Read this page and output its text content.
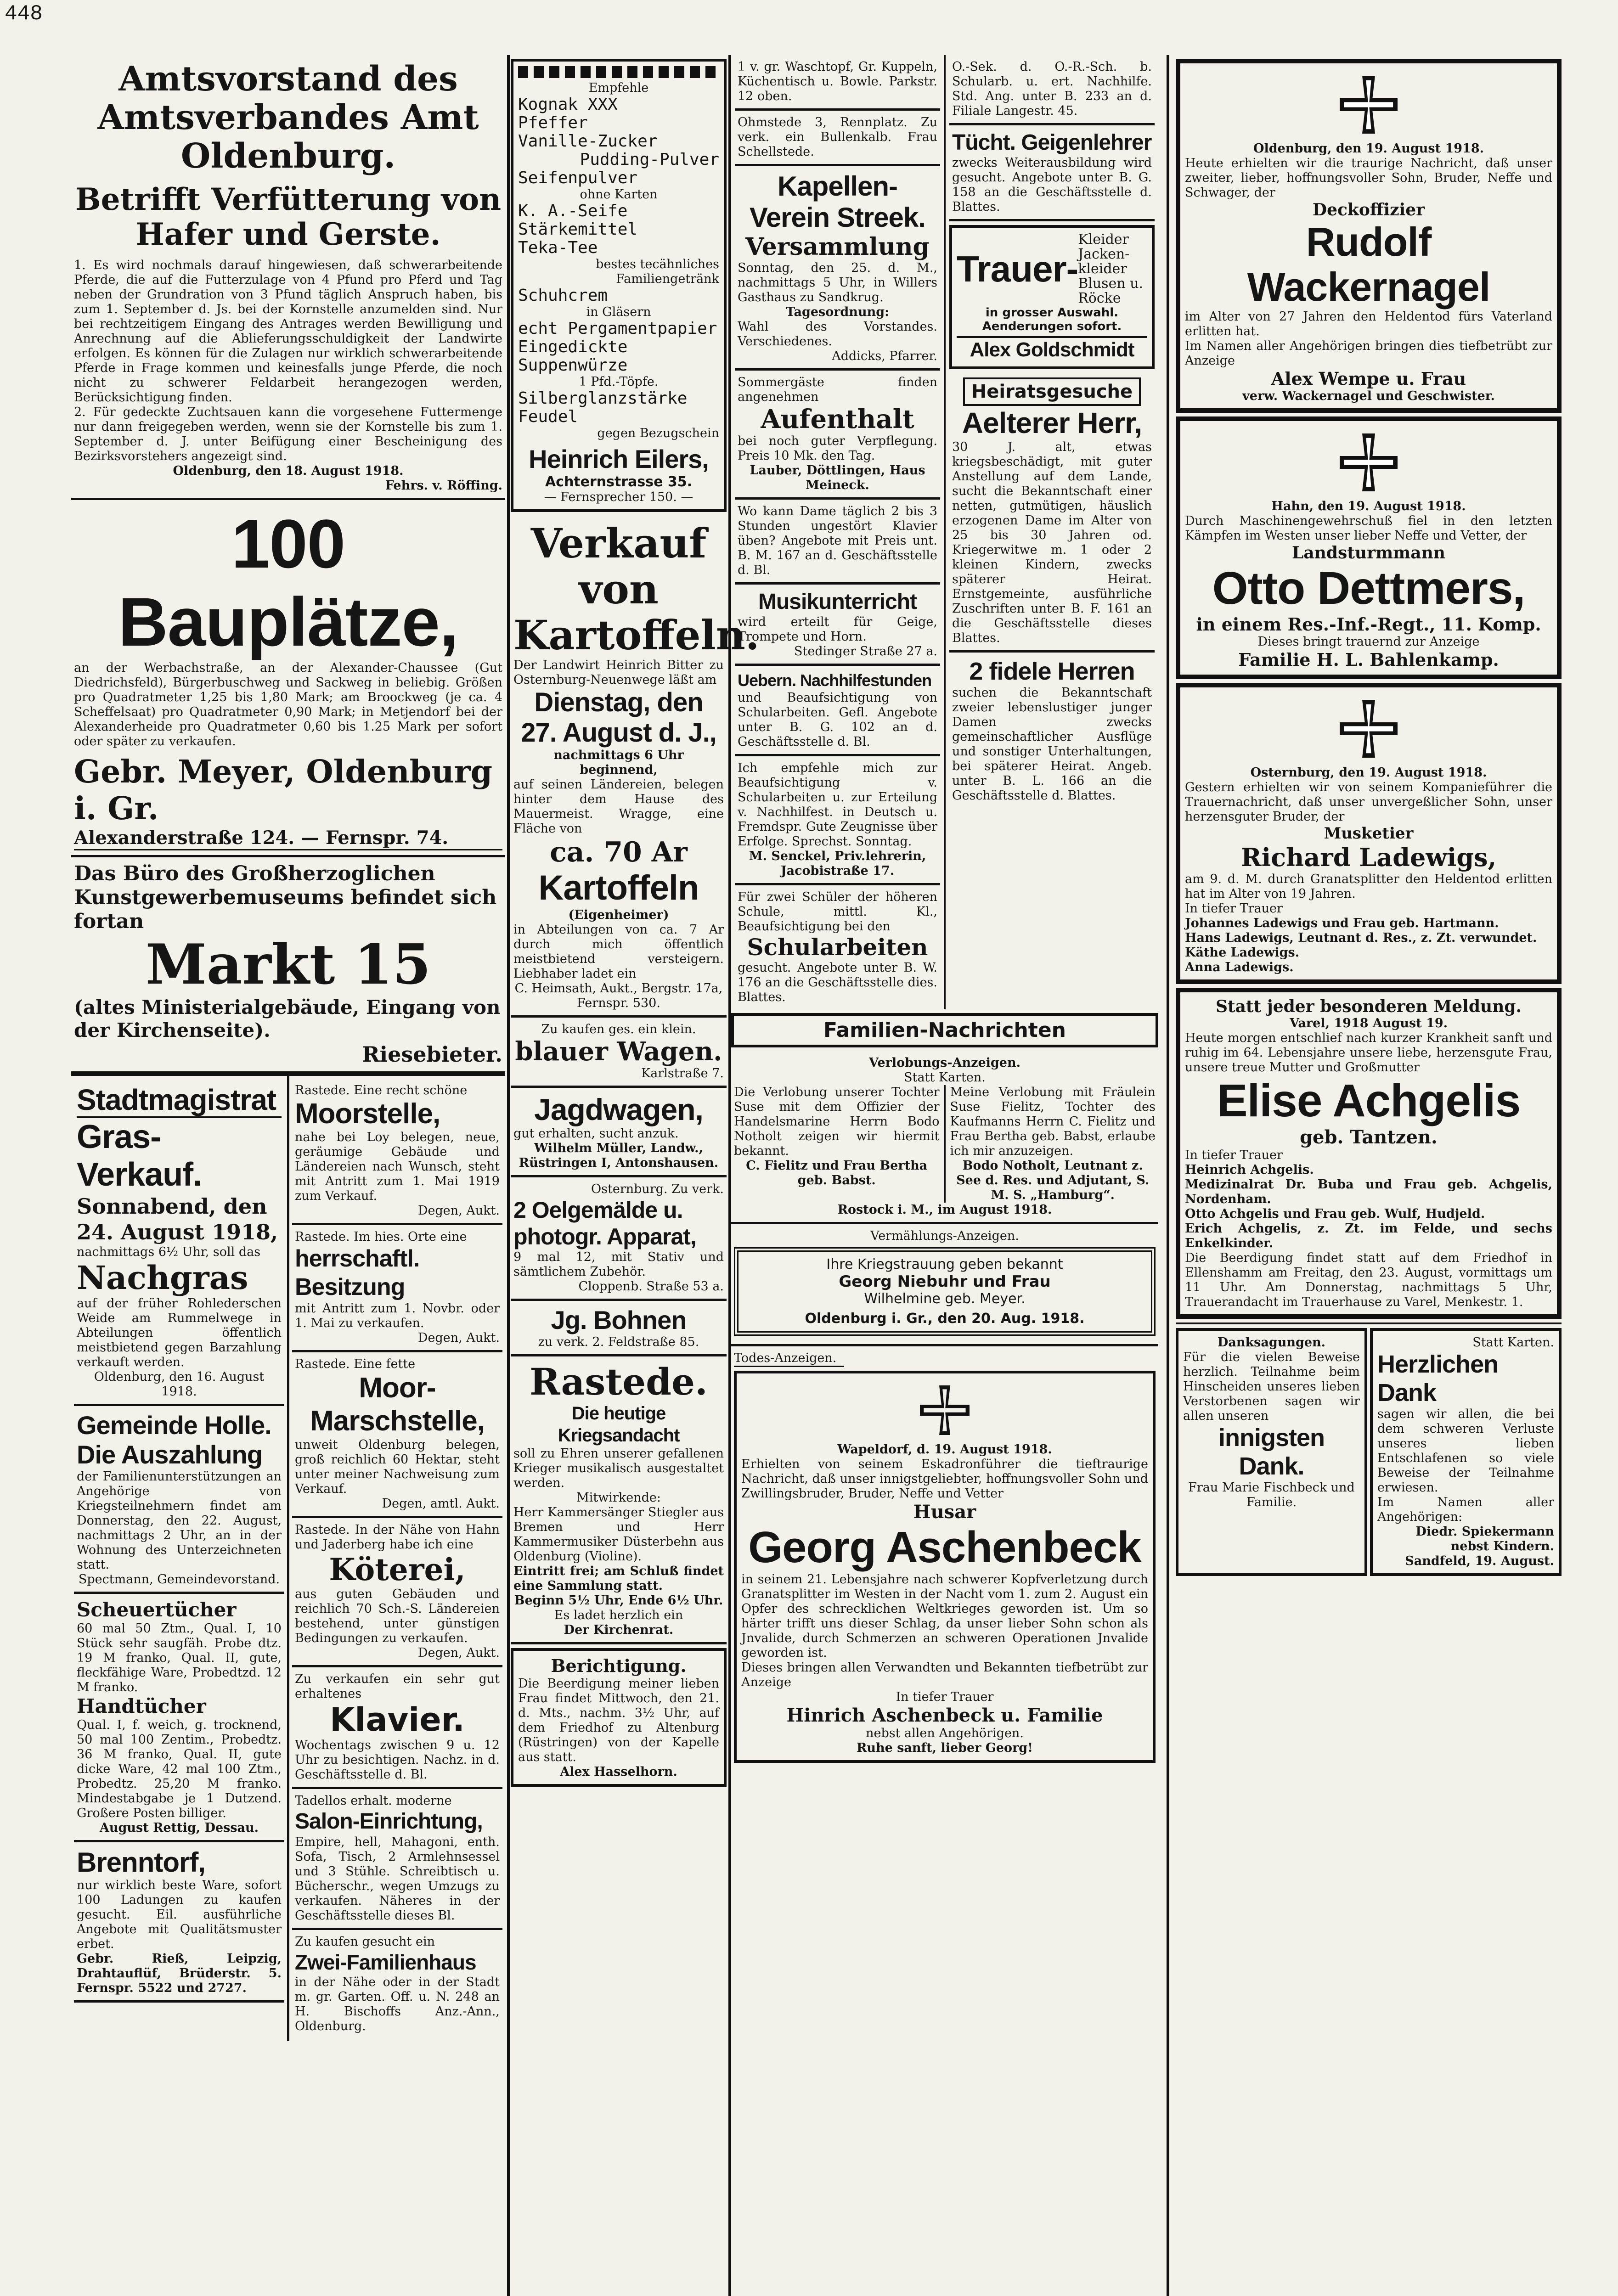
448
Amtsvorstand des Amtsverbandes Amt Oldenburg.
Betrifft Verfütterung von Hafer und Gerste.
1. Es wird nochmals darauf hingewiesen, daß schwerarbeitende Pferde, die auf die Futterzulage von 4 Pfund pro Pferd und Tag neben der Grundration von 3 Pfund täglich Anspruch haben, bis zum 1. September d. Js. bei der Kornstelle anzumelden sind. Nur bei rechtzeitigem Eingang des Antrages werden Bewilligung und Anrechnung auf die Ablieferungsschuldigkeit der Landwirte erfolgen. Es können für die Zulagen nur wirklich schwerarbeitende Pferde in Frage kommen und keinesfalls junge Pferde, die noch nicht zu schwerer Feldarbeit herangezogen werden, Berücksichtigung finden.
2. Für gedeckte Zuchtsauen kann die vorgesehene Futtermenge nur dann freigegeben werden, wenn sie der Kornstelle bis zum 1. September d. J. unter Beifügung einer Bescheinigung des Bezirksvorstehers angezeigt sind.
Oldenburg, den 18. August 1918.
Fehrs. v. Röffing.
100 Bauplätze,
an der Werbachstraße, an der Alexander-Chaussee (Gut Diedrichsfeld), Bürgerbuschweg und Sackweg in beliebig. Größen pro Quadratmeter 1,25 bis 1,80 Mark; am Broockweg (je ca. 4 Scheffelsaat) pro Quadratmeter 0,90 Mark; in Metjendorf bei der Alexanderheide pro Quadratmeter 0,60 bis 1.25 Mark per sofort oder später zu verkaufen.
Gebr. Meyer, Oldenburg i. Gr.
Alexanderstraße 124. — Fernspr. 74.
Das Büro des Großherzoglichen Kunstgewerbemuseums befindet sich fortan
Markt 15
(altes Ministerialgebäude, Eingang von der Kirchenseite).
Riesebieter.
Stadtmagistrat
Gras-Verkauf.
Sonnabend, den 24. August 1918,
nachmittags 6½ Uhr, soll das
Nachgras
auf der früher Rohlederschen Weide am Rummelwege in Abteilungen öffentlich meistbietend gegen Barzahlung verkauft werden.
Oldenburg, den 16. August 1918.
Gemeinde Holle.
Die Auszahlung
der Familienunterstützungen an Angehörige von Kriegsteilnehmern findet am Donnerstag, den 22. August, nachmittags 2 Uhr, an in der Wohnung des Unterzeichneten statt.
Spectmann, Gemeindevorstand.
Scheuertücher
60 mal 50 Ztm., Qual. I, 10 Stück sehr saugfäh. Probe dtz. 19 M franko, Qual. II, gute, fleckfähige Ware, Probedtzd. 12 M franko.
Handtücher
Qual. I, f. weich, g. trocknend, 50 mal 100 Zentim., Probedtz. 36 M franko, Qual. II, gute dicke Ware, 42 mal 100 Ztm., Probedtz. 25,20 M franko. Mindestabgabe je 1 Dutzend. Großere Posten billiger.
August Rettig, Dessau.
Brenntorf,
nur wirklich beste Ware, sofort 100 Ladungen zu kaufen gesucht. Eil. ausführliche Angebote mit Qualitätsmuster erbet.
Gebr. Rieß, Leipzig, Drahtauflüf, Brüderstr. 5. Fernspr. 5522 und 2727.
Rastede. Eine recht schöne
Moorstelle,
nahe bei Loy belegen, neue, geräumige Gebäude und Ländereien nach Wunsch, steht mit Antritt zum 1. Mai 1919 zum Verkauf.
Degen, Aukt.
Rastede. Im hies. Orte eine
herrschaftl. Besitzung
mit Antritt zum 1. Novbr. oder 1. Mai zu verkaufen.
Degen, Aukt.
Rastede. Eine fette
Moor-Marschstelle,
unweit Oldenburg belegen, groß reichlich 60 Hektar, steht unter meiner Nachweisung zum Verkauf.
Degen, amtl. Aukt.
Rastede. In der Nähe von Hahn und Jaderberg habe ich eine
Köterei,
aus guten Gebäuden und reichlich 70 Sch.-S. Ländereien bestehend, unter günstigen Bedingungen zu verkaufen.
Degen, Aukt.
Zu verkaufen ein sehr gut erhaltenes
Klavier.
Wochentags zwischen 9 u. 12 Uhr zu besichtigen. Nachz. in d. Geschäftsstelle d. Bl.
Tadellos erhalt. moderne
Salon-Einrichtung,
Empire, hell, Mahagoni, enth. Sofa, Tisch, 2 Armlehnsessel und 3 Stühle. Schreibtisch u. Bücherschr., wegen Umzugs zu verkaufen. Näheres in der Geschäftsstelle dieses Bl.
Zu kaufen gesucht ein
Zwei-Familienhaus
in der Nähe oder in der Stadt m. gr. Garten. Off. u. N. 248 an H. Bischoffs Anz.-Ann., Oldenburg.
Empfehle
Kognak XXX
Pfeffer
Vanille-Zucker
Pudding-Pulver
Seifenpulver
ohne Karten
K. A.-Seife
Stärkemittel
Teka-Tee
bestes tecähnliches Familiengetränk
Schuhcrem
in Gläsern
echt Pergamentpapier
Eingedickte Suppenwürze
1 Pfd.-Töpfe.
Silberglanzstärke
Feudel
gegen Bezugschein
Heinrich Eilers,
Achternstrasse 35.
— Fernsprecher 150. —
Verkauf von Kartoffeln.
Der Landwirt Heinrich Bitter zu Osternburg-Neuenwege läßt am
Dienstag, den 27. August d. J.,
nachmittags 6 Uhr beginnend,
auf seinen Ländereien, belegen hinter dem Hause des Mauermeist. Wragge, eine Fläche von
ca. 70 Ar
Kartoffeln
(Eigenheimer)
in Abteilungen von ca. 7 Ar durch mich öffentlich meistbietend versteigern. Liebhaber ladet ein
C. Heimsath, Aukt., Bergstr. 17a, Fernspr. 530.
Zu kaufen ges. ein klein.
blauer Wagen.
Karlstraße 7.
Jagdwagen,
gut erhalten, sucht anzuk.
Wilhelm Müller, Landw., Rüstringen I, Antonshausen.
Osternburg. Zu verk.
2 Oelgemälde u. photogr. Apparat,
9 mal 12, mit Stativ und sämtlichem Zubehör.
Cloppenb. Straße 53 a.
Jg. Bohnen
zu verk. 2. Feldstraße 85.
Rastede.
Die heutige Kriegsandacht
soll zu Ehren unserer gefallenen Krieger musikalisch ausgestaltet werden.
Mitwirkende:
Herr Kammersänger Stiegler aus Bremen und Herr Kammermusiker Düsterbehn aus Oldenburg (Violine).
Eintritt frei; am Schluß findet eine Sammlung statt.
Beginn 5½ Uhr, Ende 6½ Uhr.
Es ladet herzlich ein
Der Kirchenrat.
Berichtigung.
Die Beerdigung meiner lieben Frau findet Mittwoch, den 21. d. Mts., nachm. 3½ Uhr, auf dem Friedhof zu Altenburg (Rüstringen) von der Kapelle aus statt.
Alex Hasselhorn.
1 v. gr. Waschtopf, Gr. Kuppeln, Küchentisch u. Bowle. Parkstr. 12 oben.
Ohmstede 3, Rennplatz. Zu verk. ein Bullenkalb. Frau Schellstede.
Kapellen-Verein Streek.
Versammlung
Sonntag, den 25. d. M., nachmittags 5 Uhr, in Willers Gasthaus zu Sandkrug.
Tagesordnung:
Wahl des Vorstandes. Verschiedenes.
Addicks, Pfarrer.
Sommergäste finden angenehmen
Aufenthalt
bei noch guter Verpflegung. Preis 10 Mk. den Tag.
Lauber, Döttlingen, Haus Meineck.
Wo kann Dame täglich 2 bis 3 Stunden ungestört Klavier üben? Angebote mit Preis unt. B. M. 167 an d. Geschäftsstelle d. Bl.
Musikunterricht
wird erteilt für Geige, Trompete und Horn.
Stedinger Straße 27 a.
Uebern. Nachhilfestunden
und Beaufsichtigung von Schularbeiten. Gefl. Angebote unter B. G. 102 an d. Geschäftsstelle d. Bl.
Ich empfehle mich zur Beaufsichtigung v. Schularbeiten u. zur Erteilung v. Nachhilfest. in Deutsch u. Fremdspr. Gute Zeugnisse über Erfolge. Sprechst. Sonntag.
M. Senckel, Priv.lehrerin, Jacobistraße 17.
Für zwei Schüler der höheren Schule, mittl. Kl., Beaufsichtigung bei den
Schularbeiten
gesucht. Angebote unter B. W. 176 an die Geschäftsstelle dies. Blattes.
O.-Sek. d. O.-R.-Sch. b. Schularb. u. ert. Nachhilfe. Std. Ang. unter B. 233 an d. Filiale Langestr. 45.
Tücht. Geigenlehrer
zwecks Weiterausbildung wird gesucht. Angebote unter B. G. 158 an die Geschäftsstelle d. Blattes.
Trauer-
Kleider
Jacken-kleider
Blusen u.
Röcke
in grosser Auswahl.
Aenderungen sofort.
Alex Goldschmidt
Heiratsgesuche
Aelterer Herr,
30 J. alt, etwas kriegsbeschädigt, mit guter Anstellung auf dem Lande, sucht die Bekanntschaft einer netten, gutmütigen, häuslich erzogenen Dame im Alter von 25 bis 30 Jahren od. Kriegerwitwe m. 1 oder 2 kleinen Kindern, zwecks späterer Heirat. Ernstgemeinte, ausführliche Zuschriften unter B. F. 161 an die Geschäftsstelle dieses Blattes.
2 fidele Herren
suchen die Bekanntschaft zweier lebenslustiger junger Damen zwecks gemeinschaftlicher Ausflüge und sonstiger Unterhaltungen, bei späterer Heirat. Angeb. unter B. L. 166 an die Geschäftsstelle d. Blattes.
Familien-Nachrichten
Verlobungs-Anzeigen.
Statt Karten.
Die Verlobung unserer Tochter Suse mit dem Offizier der Handelsmarine Herrn Bodo Notholt zeigen wir hiermit bekannt.
C. Fielitz und Frau Bertha geb. Babst.
Meine Verlobung mit Fräulein Suse Fielitz, Tochter des Kaufmanns Herrn C. Fielitz und Frau Bertha geb. Babst, erlaube ich mir anzuzeigen.
Bodo Notholt, Leutnant z. See d. Res. und Adjutant, S. M. S. „Hamburg“.
Rostock i. M., im August 1918.
Vermählungs-Anzeigen.
Ihre Kriegstrauung geben bekannt
Georg Niebuhr und Frau
Wilhelmine geb. Meyer.
Oldenburg i. Gr., den 20. Aug. 1918.
Todes-Anzeigen.
Wapeldorf, d. 19. August 1918.
Erhielten von seinem Eskadronführer die tieftraurige Nachricht, daß unser innigstgeliebter, hoffnungsvoller Sohn und Zwillingsbruder, Bruder, Neffe und Vetter
Husar
Georg Aschenbeck
in seinem 21. Lebensjahre nach schwerer Kopfverletzung durch Granatsplitter im Westen in der Nacht vom 1. zum 2. August ein Opfer des schrecklichen Weltkrieges geworden ist. Um so härter trifft uns dieser Schlag, da unser lieber Sohn schon als Jnvalide, durch Schmerzen an schweren Operationen Jnvalide geworden ist.
Dieses bringen allen Verwandten und Bekannten tiefbetrübt zur Anzeige
In tiefer Trauer
Hinrich Aschenbeck u. Familie
nebst allen Angehörigen.
Ruhe sanft, lieber Georg!
Oldenburg, den 19. August 1918.
Heute erhielten wir die traurige Nachricht, daß unser zweiter, lieber, hoffnungsvoller Sohn, Bruder, Neffe und Schwager, der
Deckoffizier
Rudolf Wackernagel
im Alter von 27 Jahren den Heldentod fürs Vaterland erlitten hat.
Im Namen aller Angehörigen bringen dies tiefbetrübt zur Anzeige
Alex Wempe u. Frau
verw. Wackernagel und Geschwister.
Hahn, den 19. August 1918.
Durch Maschinengewehrschuß fiel in den letzten Kämpfen im Westen unser lieber Neffe und Vetter, der
Landsturmmann
Otto Dettmers,
in einem Res.-Inf.-Regt., 11. Komp.
Dieses bringt trauernd zur Anzeige
Familie H. L. Bahlenkamp.
Osternburg, den 19. August 1918.
Gestern erhielten wir von seinem Kompanieführer die Trauernachricht, daß unser unvergeßlicher Sohn, unser herzensguter Bruder, der
Musketier
Richard Ladewigs,
am 9. d. M. durch Granatsplitter den Heldentod erlitten hat im Alter von 19 Jahren.
In tiefer Trauer
Johannes Ladewigs und Frau geb. Hartmann.
Hans Ladewigs, Leutnant d. Res., z. Zt. verwundet.
Käthe Ladewigs.
Anna Ladewigs.
Statt jeder besonderen Meldung.
Varel, 1918 August 19.
Heute morgen entschlief nach kurzer Krankheit sanft und ruhig im 64. Lebensjahre unsere liebe, herzensgute Frau, unsere treue Mutter und Großmutter
Elise Achgelis
geb. Tantzen.
In tiefer Trauer
Heinrich Achgelis.
Medizinalrat Dr. Buba und Frau geb. Achgelis, Nordenham.
Otto Achgelis und Frau geb. Wulf, Hudjeld.
Erich Achgelis, z. Zt. im Felde, und sechs Enkelkinder.
Die Beerdigung findet statt auf dem Friedhof in Ellenshamm am Freitag, den 23. August, vormittags um 11 Uhr. Am Donnerstag, nachmittags 5 Uhr, Trauerandacht im Trauerhause zu Varel, Menkestr. 1.
Danksagungen.
Für die vielen Beweise herzlich. Teilnahme beim Hinscheiden unseres lieben Verstorbenen sagen wir allen unseren
innigsten Dank.
Frau Marie Fischbeck und Familie.
Statt Karten.
Herzlichen Dank
sagen wir allen, die bei dem schweren Verluste unseres lieben Entschlafenen so viele Beweise der Teilnahme erwiesen.
Im Namen aller Angehörigen:
Diedr. Spiekermann nebst Kindern.
Sandfeld, 19. August.
